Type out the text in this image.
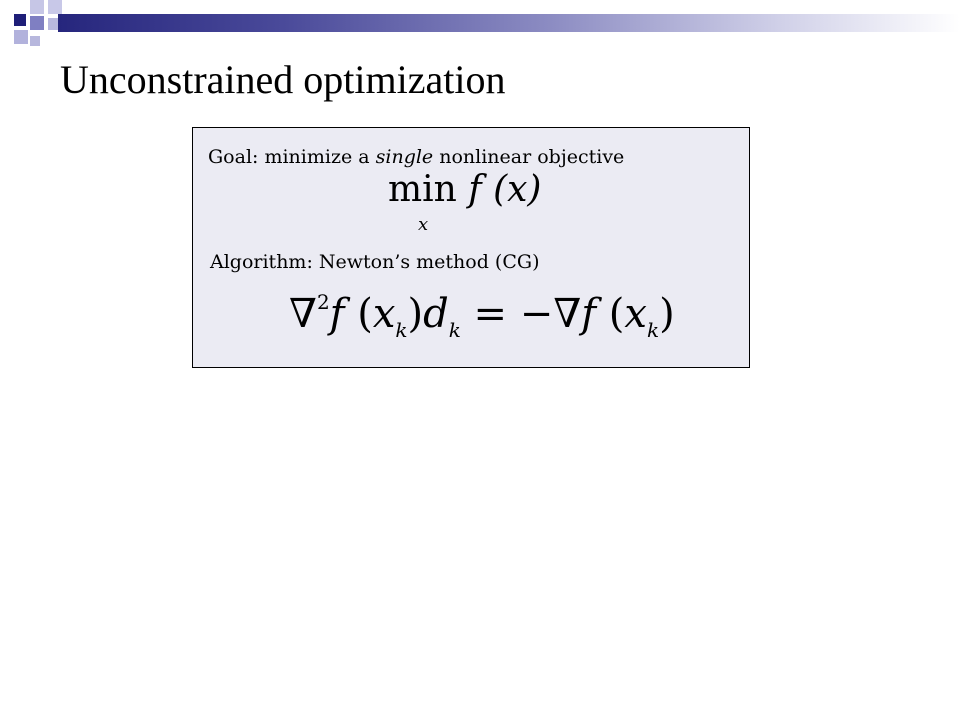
Unconstrained optimization
Goal: minimize a single nonlinear objective
min f (x)
x
Algorithm: Newton’s method (CG)
∇$^2$f $(x_k)d_k = -\nabla f$ $(x_k)$
